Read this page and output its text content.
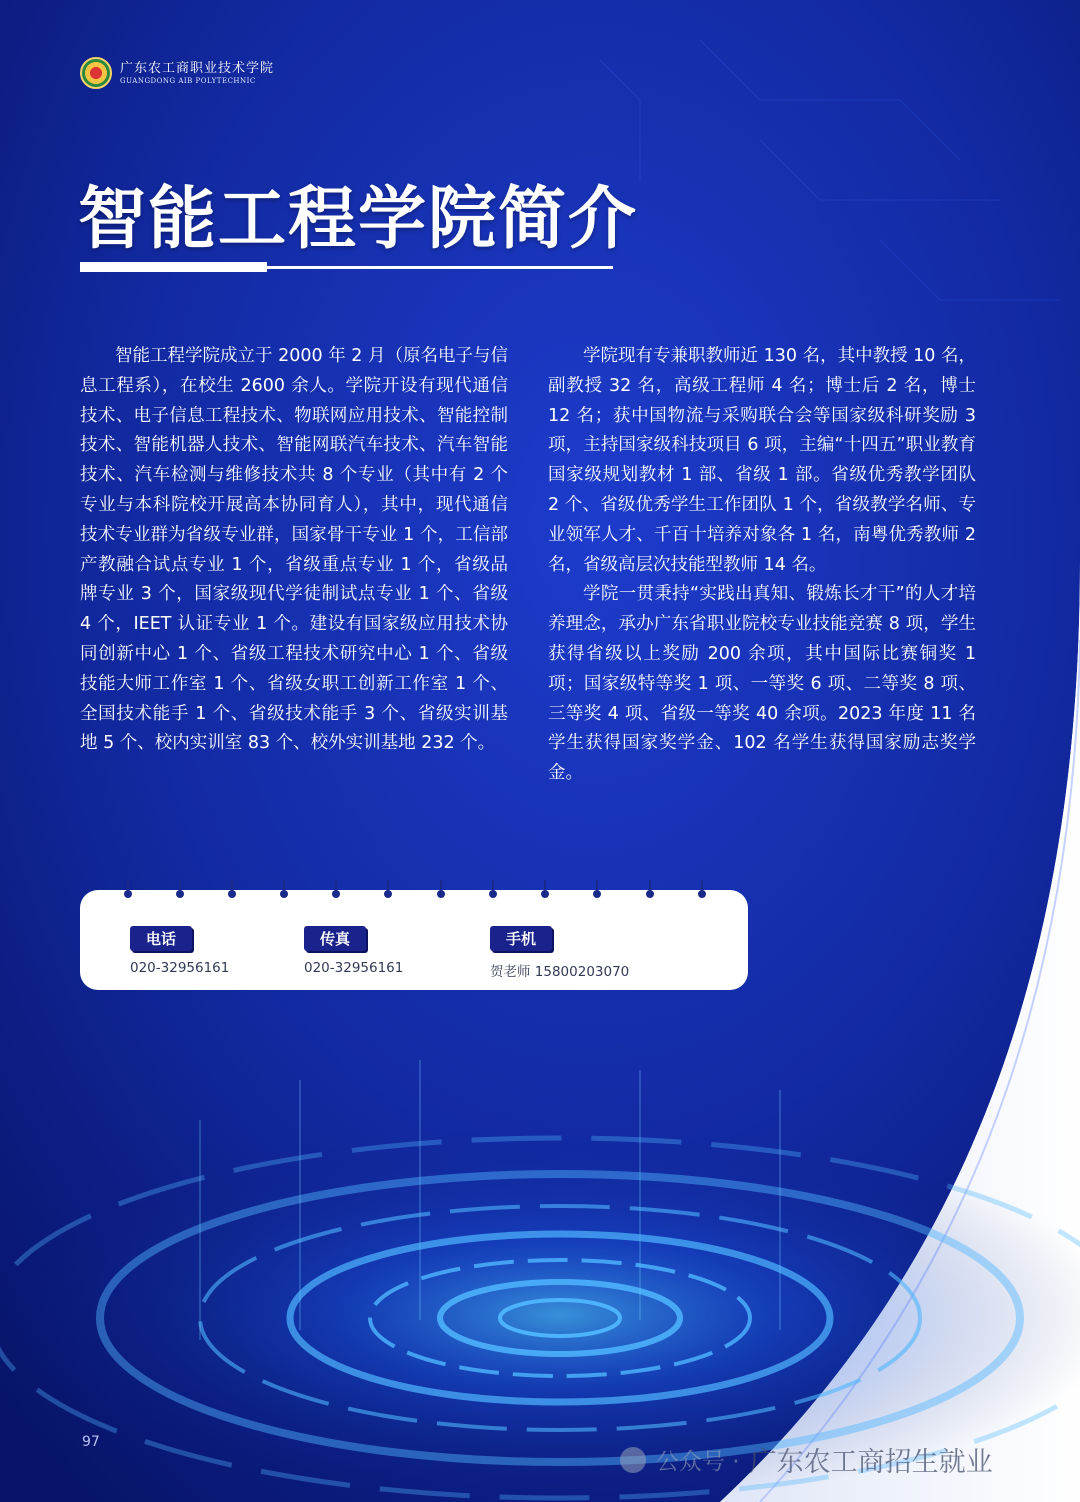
广东农工商职业技术学院
GUANGDONG AIB POLYTECHNIC
智能工程学院简介

智能工程学院成立于 2000 年 2 月（原名电子与信息工程系），在校生 2600 余人。学院开设有现代通信技术、电子信息工程技术、物联网应用技术、智能控制技术、智能机器人技术、智能网联汽车技术、汽车智能技术、汽车检测与维修技术共 8 个专业（其中有 2 个专业与本科院校开展高本协同育人），其中，现代通信技术专业群为省级专业群，国家骨干专业 1 个，工信部产教融合试点专业 1 个，省级重点专业 1 个，省级品牌专业 3 个，国家级现代学徒制试点专业 1 个、省级 4 个，IEET 认证专业 1 个。建设有国家级应用技术协同创新中心 1 个、省级工程技术研究中心 1 个、省级技能大师工作室 1 个、省级女职工创新工作室 1 个、全国技术能手 1 个、省级技术能手 3 个、省级实训基地 5 个、校内实训室 83 个、校外实训基地 232 个。

学院现有专兼职教师近 130 名，其中教授 10 名，副教授 32 名，高级工程师 4 名；博士后 2 名，博士 12 名；获中国物流与采购联合会等国家级科研奖励 3 项，主持国家级科技项目 6 项，主编“十四五”职业教育国家级规划教材 1 部、省级 1 部。省级优秀教学团队 2 个、省级优秀学生工作团队 1 个，省级教学名师、专业领军人才、千百十培养对象各 1 名，南粤优秀教师 2 名，省级高层次技能型教师 14 名。

学院一贯秉持“实践出真知、锻炼长才干”的人才培养理念，承办广东省职业院校专业技能竞赛 8 项，学生获得省级以上奖励 200 余项，其中国际比赛铜奖 1 项；国家级特等奖 1 项、一等奖 6 项、二等奖 8 项、三等奖 4 项、省级一等奖 40 余项。2023 年度 11 名学生获得国家奖学金、102 名学生获得国家励志奖学金。

电话
020-32956161
传真
020-32956161
手机
贺老师 15800203070
97
公众号 · 广东农工商招生就业
